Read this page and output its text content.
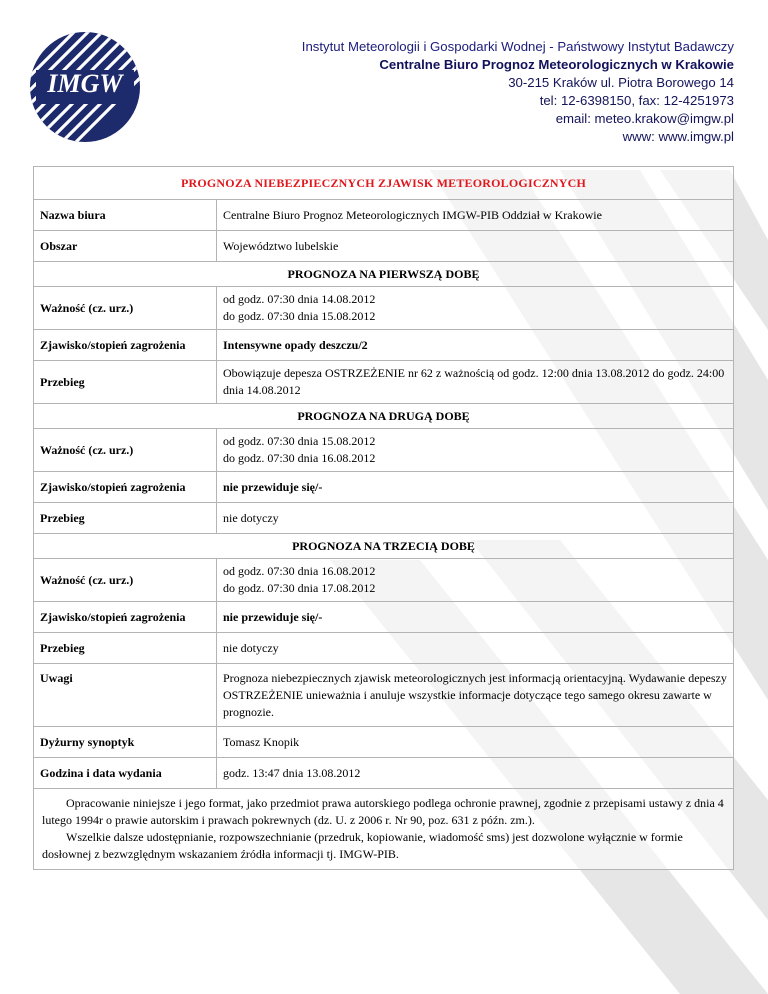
IMGW
Instytut Meteorologii i Gospodarki Wodnej - Państwowy Instytut Badawczy
Centralne Biuro Prognoz Meteorologicznych w Krakowie
30-215 Kraków ul. Piotra Borowego 14
tel: 12-6398150, fax: 12-4251973
email: meteo.krakow@imgw.pl
www: www.imgw.pl
PROGNOZA NIEBEZPIECZNYCH ZJAWISK METEOROLOGICZNYCH	
Nazwa biura	Centralne Biuro Prognoz Meteorologicznych IMGW-PIB Oddział w Krakowie
Obszar	Województwo lubelskie
PROGNOZA NA PIERWSZĄ DOBĘ	
Ważność (cz. urz.)	od godz. 07:30 dnia 14.08.2012
do godz. 07:30 dnia 15.08.2012

Zjawisko/stopień zagrożenia	Intensywne opady deszczu/2
Przebieg	Obowiązuje depesza OSTRZEŻENIE nr 62 z ważnością od godz. 12:00 dnia 13.08.2012 do godz. 24:00 dnia 14.08.2012
PROGNOZA NA DRUGĄ DOBĘ	
Ważność (cz. urz.)	od godz. 07:30 dnia 15.08.2012
do godz. 07:30 dnia 16.08.2012

Zjawisko/stopień zagrożenia	nie przewiduje się/-
Przebieg	nie dotyczy
PROGNOZA NA TRZECIĄ DOBĘ	
Ważność (cz. urz.)	od godz. 07:30 dnia 16.08.2012
do godz. 07:30 dnia 17.08.2012

Zjawisko/stopień zagrożenia	nie przewiduje się/-
Przebieg	nie dotyczy
Uwagi	Prognoza niebezpiecznych zjawisk meteorologicznych jest informacją orientacyjną. Wydawanie depeszy OSTRZEŻENIE unieważnia i anuluje wszystkie informacje dotyczące tego samego okresu zawarte w prognozie.
Dyżurny synoptyk	Tomasz Knopik
Godzina i data wydania	godz. 13:47 dnia 13.08.2012

Opracowanie niniejsze i jego format, jako przedmiot prawa autorskiego podlega ochronie prawnej, zgodnie z przepisami ustawy z dnia 4 lutego 1994r o prawie autorskim i prawach pokrewnych (dz. U. z 2006 r. Nr 90, poz. 631 z późn. zm.).

Wszelkie dalsze udostępnianie, rozpowszechnianie (przedruk, kopiowanie, wiadomość sms) jest dozwolone wyłącznie w formie dosłownej z bezwzględnym wskazaniem źródła informacji tj. IMGW-PIB.
